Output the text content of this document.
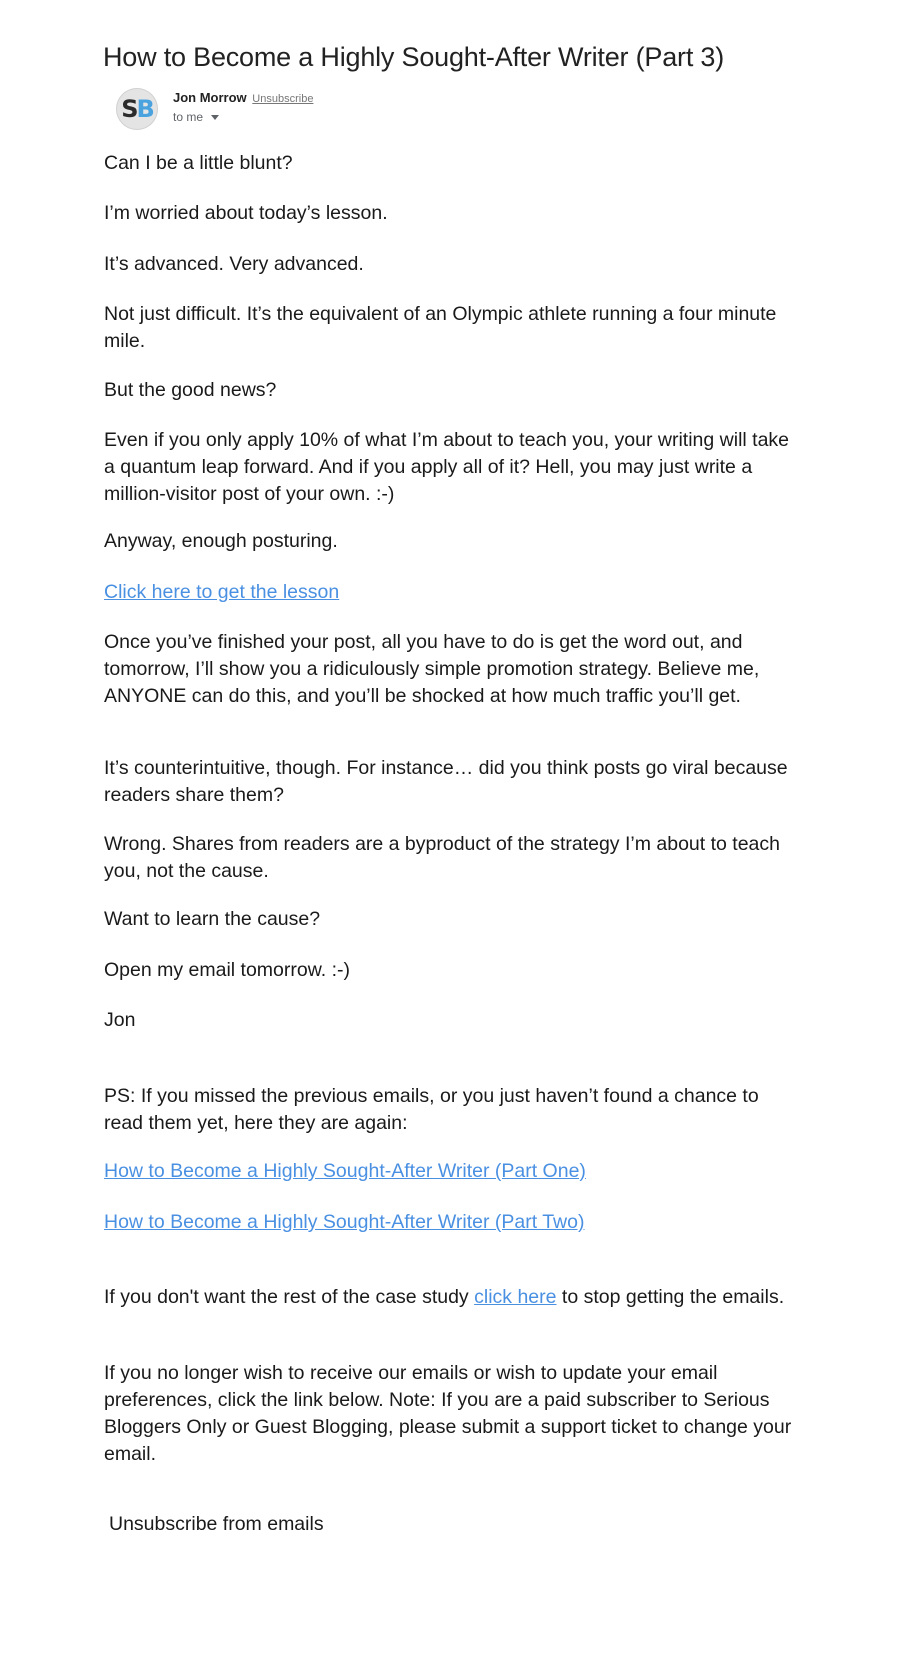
How to Become a Highly Sought-After Writer (Part 3)
S B Jon Morrow Unsubscribe
to me

Can I be a little blunt?

I’m worried about today’s lesson.

It’s advanced. Very advanced.

Not just difficult. It’s the equivalent of an Olympic athlete running a four minute mile.

But the good news?

Even if you only apply 10% of what I’m about to teach you, your writing will take a quantum leap forward. And if you apply all of it? Hell, you may just write a million-visitor post of your own. :-)

Anyway, enough posturing.

Click here to get the lesson

Once you’ve finished your post, all you have to do is get the word out, and tomorrow, I’ll show you a ridiculously simple promotion strategy. Believe me, ANYONE can do this, and you’ll be shocked at how much traffic you’ll get.

It’s counterintuitive, though. For instance… did you think posts go viral because readers share them?

Wrong. Shares from readers are a byproduct of the strategy I’m about to teach you, not the cause.

Want to learn the cause?

Open my email tomorrow. :-)

Jon

PS: If you missed the previous emails, or you just haven’t found a chance to read them yet, here they are again:

How to Become a Highly Sought-After Writer (Part One)

How to Become a Highly Sought-After Writer (Part Two)

If you don't want the rest of the case study click here to stop getting the emails.

If you no longer wish to receive our emails or wish to update your email preferences, click the link below. Note: If you are a paid subscriber to Serious Bloggers Only or Guest Blogging, please submit a support ticket to change your email.

Unsubscribe from emails
